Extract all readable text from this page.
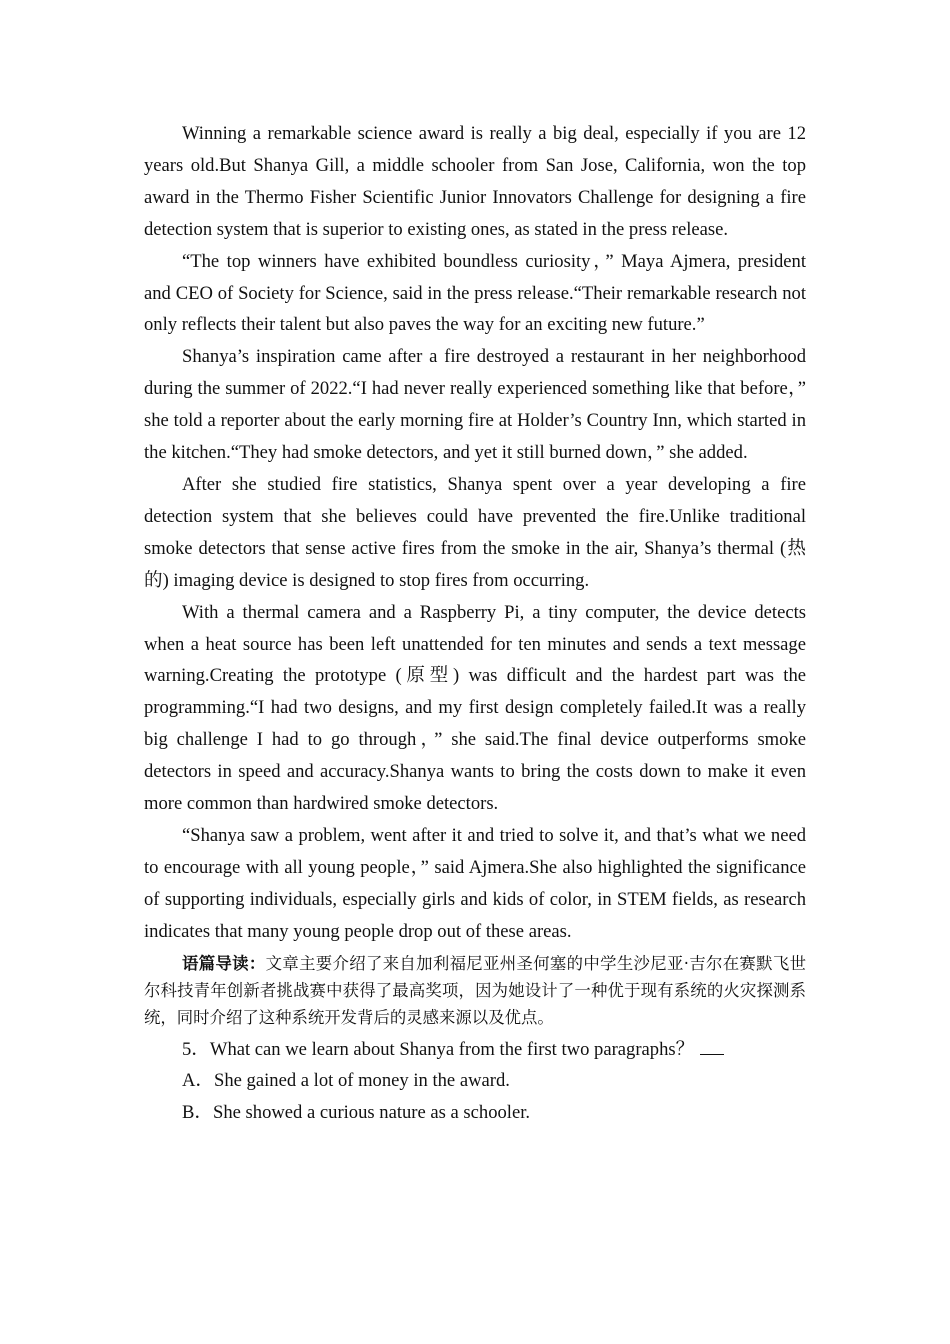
Winning a remarkable science award is really a big deal, especially if you are 12 years old.But Shanya Gill, a middle schooler from San Jose, California, won the top award in the Thermo Fisher Scientific Junior Innovators Challenge for designing a fire detection system that is superior to existing ones, as stated in the press release.

“The top winners have exhibited boundless curiosity，” Maya Ajmera, president and CEO of Society for Science, said in the press release.“Their remarkable research not only reflects their talent but also paves the way for an exciting new future.”

Shanya’s inspiration came after a fire destroyed a restaurant in her neighborhood during the summer of 2022.“I had never really experienced something like that before，” she told a reporter about the early morning fire at Holder’s Country Inn, which started in the kitchen.“They had smoke detectors, and yet it still burned down，” she added.

After she studied fire statistics, Shanya spent over a year developing a fire detection system that she believes could have prevented the fire.Unlike traditional smoke detectors that sense active fires from the smoke in the air, Shanya’s thermal (热的) imaging device is designed to stop fires from occurring.

With a thermal camera and a Raspberry Pi, a tiny computer, the device detects when a heat source has been left unattended for ten minutes and sends a text message warning.Creating the prototype (原型) was difficult and the hardest part was the programming.“I had two designs, and my first design completely failed.It was a really big challenge I had to go through，” she said.The final device outperforms smoke detectors in speed and accuracy.Shanya wants to bring the costs down to make it even more common than hardwired smoke detectors.

“Shanya saw a problem, went after it and tried to solve it, and that’s what we need to encourage with all young people，” said Ajmera.She also highlighted the significance of supporting individuals, especially girls and kids of color, in STEM fields, as research indicates that many young people drop out of these areas.

语篇导读：文章主要介绍了来自加利福尼亚州圣何塞的中学生沙尼亚·吉尔在赛默飞世尔科技青年创新者挑战赛中获得了最高奖项，因为她设计了一种优于现有系统的火灾探测系统，同时介绍了这种系统开发背后的灵感来源以及优点。

5．What can we learn about Shanya from the first two paragraphs？

A．She gained a lot of money in the award.

B．She showed a curious nature as a schooler.
